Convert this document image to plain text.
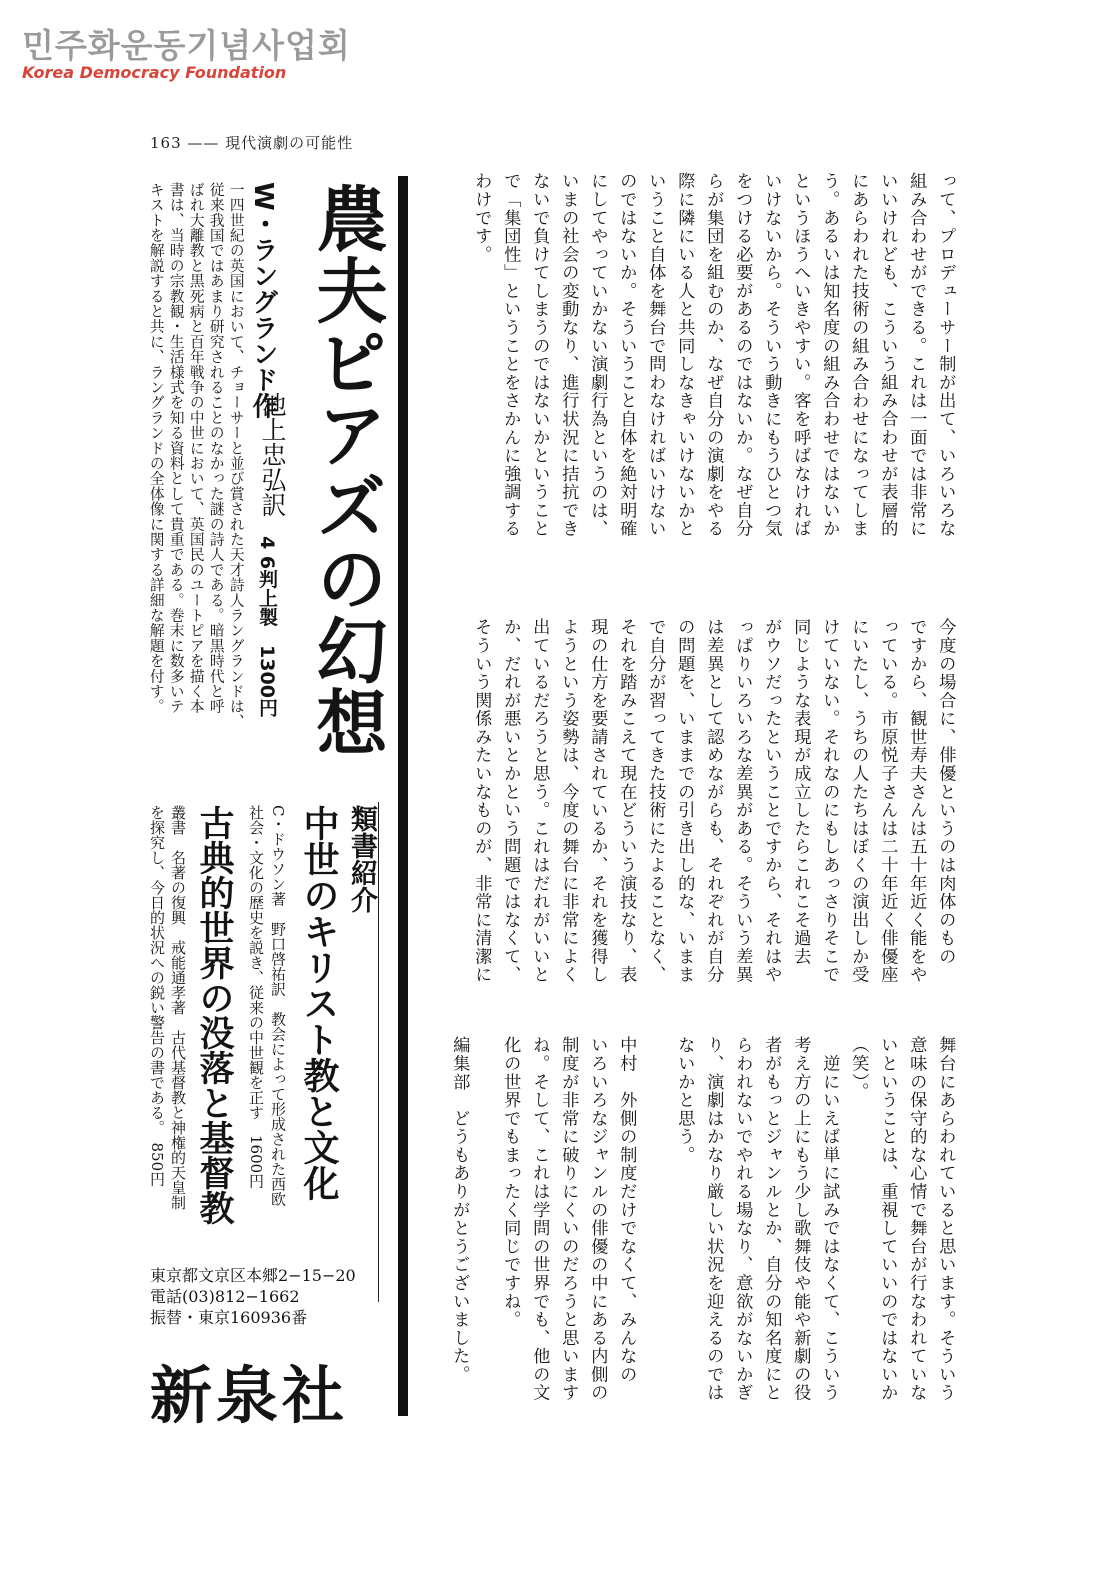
민주화운동기념사업회
Korea Democracy Foundation
163 —— 現代演劇の可能性
って、プロデューサー制が出て、いろいろな
組み合わせができる。これは一面では非常に
いいけれども、こういう組み合わせが表層的
にあらわれた技術の組み合わせになってしま
う。あるいは知名度の組み合わせではないか
というほうへいきやすい。客を呼ばなければ
いけないから。そういう動きにもうひとつ気
をつける必要があるのではないか。なぜ自分
らが集団を組むのか、なぜ自分の演劇をやる
際に隣にいる人と共同しなきゃいけないかと
いうこと自体を舞台で問わなければいけない
のではないか。そういうこと自体を絶対明確
にしてやっていかない演劇行為というのは、
いまの社会の変動なり、進行状況に拮抗でき
ないで負けてしまうのではないかということ
で「集団性」ということをさかんに強調する
わけです。
今度の場合に、俳優というのは肉体のもの
ですから、観世寿夫さんは五十年近く能をや
っている。市原悦子さんは二十年近く俳優座
にいたし、うちの人たちはぼくの演出しか受
けていない。それなのにもしあっさりそこで
同じような表現が成立したらこれこそ過去
がウソだったということですから、それはや
っぱりいろいろな差異がある。そういう差異
は差異として認めながらも、それぞれが自分
の問題を、いままでの引き出し的な、いまま
で自分が習ってきた技術にたよることなく、
それを踏みこえて現在どういう演技なり、表
現の仕方を要請されているか、それを獲得し
ようという姿勢は、今度の舞台に非常によく
出ているだろうと思う。これはだれがいいと
か、だれが悪いとかという問題ではなくて、
そういう関係みたいなものが、非常に清潔に
舞台にあらわれていると思います。そういう
意味の保守的な心情で舞台が行なわれていな
いということは、重視していいのではないか
（笑）。
　逆にいえば単に試みではなくて、こういう
考え方の上にもう少し歌舞伎や能や新劇の役
者がもっとジャンルとか、自分の知名度にと
らわれないでやれる場なり、意欲がないかぎ
り、演劇はかなり厳しい状況を迎えるのでは
ないかと思う。
中村　外側の制度だけでなくて、みんなの
いろいろなジャンルの俳優の中にある内側の
制度が非常に破りにくいのだろうと思います
ね。そして、これは学問の世界でも、他の文
化の世界でもまったく同じですね。
編集部　どうもありがとうございました。
農夫ピアズの幻想
W・ラングランド作
池上忠弘訳
4 6判上製　1300円
一四世紀の英国において、チョーサーと並び賞された天才詩人ラングランドは、
従来我国ではあまり研究されることのなかった謎の詩人である。暗黒時代と呼
ばれ大離教と黒死病と百年戦争の中世において、英国民のユートピアを描く本
書は、当時の宗教観・生活様式を知る資料として貴重である。巻末に数多いテ
キストを解説すると共に、ラングランドの全体像に関する詳細な解題を付す。
類書紹介
中世のキリスト教と文化
C・ドウソン著　野口啓祐訳　教会によって形成された西欧
社会・文化の歴史を説き、従来の中世観を正す　1600円
古典的世界の没落と基督教
叢書　名著の復興　戒能通孝著　古代基督教と神権的天皇制
を探究し、今日的状況への鋭い警告の書である。　850円
東京都文京区本郷2−15−20
電話(03)812−1662
振替・東京160936番
新泉社
